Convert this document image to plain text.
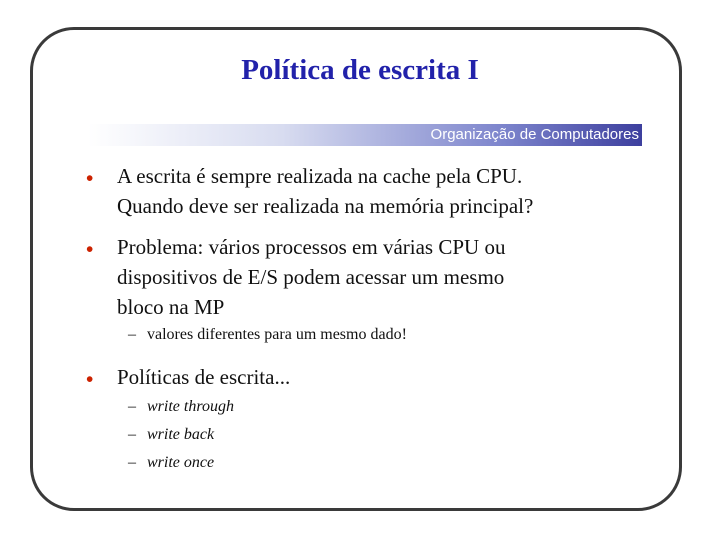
Política de escrita I
Organização de Computadores
• A escrita é sempre realizada na cache pela CPU.
Quando deve ser realizada na memória principal?
• Problema: vários processos em várias CPU ou
dispositivos de E/S podem acessar um mesmo
bloco na MP
– valores diferentes para um mesmo dado!
• Políticas de escrita...
– write through
– write back
– write once
